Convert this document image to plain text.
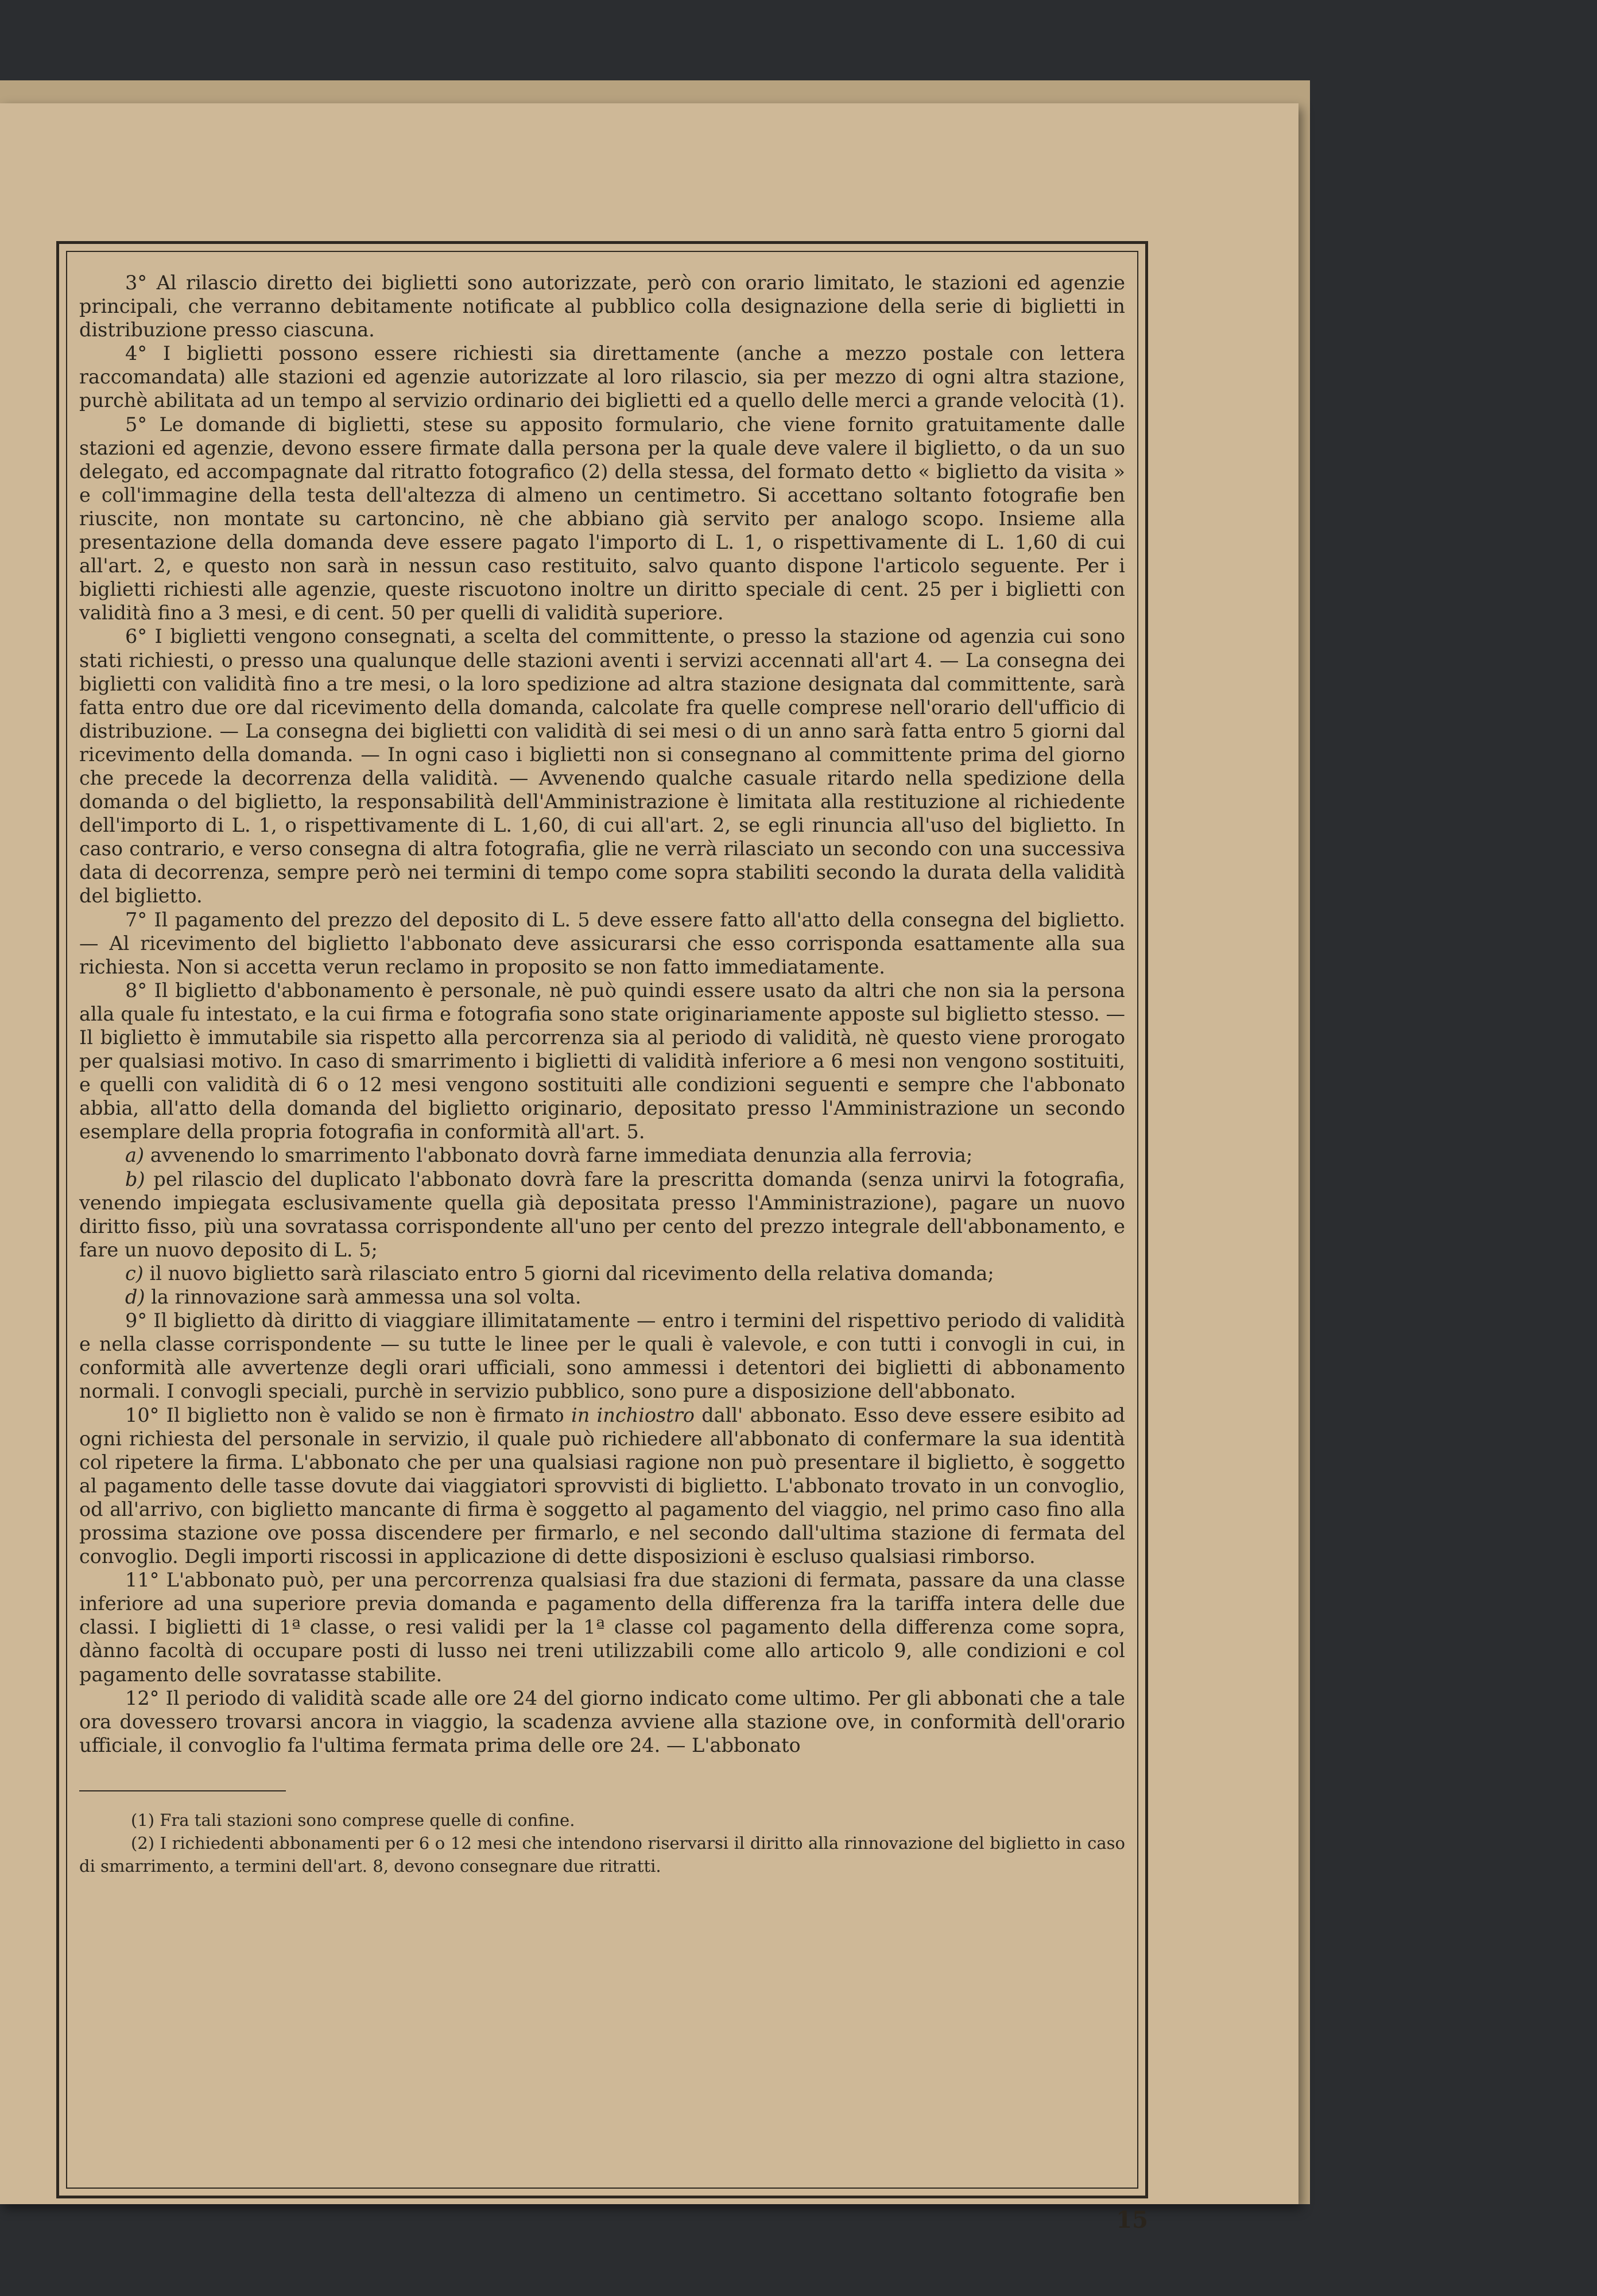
3° Al rilascio diretto dei biglietti sono autorizzate, però con orario limitato, le stazioni ed agenzie principali, che verranno debitamente notificate al pubblico colla designazione della serie di biglietti in distribuzione presso ciascuna.

4° I biglietti possono essere richiesti sia direttamente (anche a mezzo postale con lettera raccomandata) alle stazioni ed agenzie autorizzate al loro rilascio, sia per mezzo di ogni altra stazione, purchè abilitata ad un tempo al servizio ordinario dei biglietti ed a quello delle merci a grande velocità (1).

5° Le domande di biglietti, stese su apposito formulario, che viene fornito gratuitamente dalle stazioni ed agenzie, devono essere firmate dalla persona per la quale deve valere il biglietto, o da un suo delegato, ed accompagnate dal ritratto fotografico (2) della stessa, del formato detto « biglietto da visita » e coll'immagine della testa dell'altezza di almeno un centimetro. Si accettano soltanto fotografie ben riuscite, non montate su cartoncino, nè che abbiano già servito per analogo scopo. Insieme alla presentazione della domanda deve essere pagato l'importo di L. 1, o rispettivamente di L. 1,60 di cui all'art. 2, e questo non sarà in nessun caso restituito, salvo quanto dispone l'articolo seguente. Per i biglietti richiesti alle agenzie, queste riscuotono inoltre un diritto speciale di cent. 25 per i biglietti con validità fino a 3 mesi, e di cent. 50 per quelli di validità superiore.

6° I biglietti vengono consegnati, a scelta del committente, o presso la stazione od agenzia cui sono stati richiesti, o presso una qualunque delle stazioni aventi i servizi accennati all'art 4. — La consegna dei biglietti con validità fino a tre mesi, o la loro spedizione ad altra stazione designata dal committente, sarà fatta entro due ore dal ricevimento della domanda, calcolate fra quelle comprese nell'orario dell'ufficio di distribuzione. — La consegna dei biglietti con validità di sei mesi o di un anno sarà fatta entro 5 giorni dal ricevimento della domanda. — In ogni caso i biglietti non si consegnano al committente prima del giorno che precede la decorrenza della validità. — Avvenendo qualche casuale ritardo nella spedizione della domanda o del biglietto, la responsabilità dell'Amministrazione è limitata alla restituzione al richiedente dell'importo di L. 1, o rispettivamente di L. 1,60, di cui all'art. 2, se egli rinuncia all'uso del biglietto. In caso contrario, e verso consegna di altra fotografia, glie ne verrà rilasciato un secondo con una successiva data di decorrenza, sempre però nei termini di tempo come sopra stabiliti secondo la durata della validità del biglietto.

7° Il pagamento del prezzo del deposito di L. 5 deve essere fatto all'atto della consegna del biglietto. — Al ricevimento del biglietto l'abbonato deve assicurarsi che esso corrisponda esattamente alla sua richiesta. Non si accetta verun reclamo in proposito se non fatto immediatamente.

8° Il biglietto d'abbonamento è personale, nè può quindi essere usato da altri che non sia la persona alla quale fu intestato, e la cui firma e fotografia sono state originariamente apposte sul biglietto stesso. — Il biglietto è immutabile sia rispetto alla percorrenza sia al periodo di validità, nè questo viene prorogato per qualsiasi motivo. In caso di smarrimento i biglietti di validità inferiore a 6 mesi non vengono sostituiti, e quelli con validità di 6 o 12 mesi vengono sostituiti alle condizioni seguenti e sempre che l'abbonato abbia, all'atto della domanda del biglietto originario, depositato presso l'Amministrazione un secondo esemplare della propria fotografia in conformità all'art. 5.

a) avvenendo lo smarrimento l'abbonato dovrà farne immediata denunzia alla ferrovia;

b) pel rilascio del duplicato l'abbonato dovrà fare la prescritta domanda (senza unirvi la fotografia, venendo impiegata esclusivamente quella già depositata presso l'Amministrazione), pagare un nuovo diritto fisso, più una sovratassa corrispondente all'uno per cento del prezzo integrale dell'abbonamento, e fare un nuovo deposito di L. 5;

c) il nuovo biglietto sarà rilasciato entro 5 giorni dal ricevimento della relativa domanda;

d) la rinnovazione sarà ammessa una sol volta.

9° Il biglietto dà diritto di viaggiare illimitatamente — entro i termini del rispettivo periodo di validità e nella classe corrispondente — su tutte le linee per le quali è valevole, e con tutti i convogli in cui, in conformità alle avvertenze degli orari ufficiali, sono ammessi i detentori dei biglietti di abbonamento normali. I convogli speciali, purchè in servizio pubblico, sono pure a disposizione dell'abbonato.

10° Il biglietto non è valido se non è firmato in inchiostro dall' abbonato. Esso deve essere esibito ad ogni richiesta del personale in servizio, il quale può richiedere all'abbonato di confermare la sua identità col ripetere la firma. L'abbonato che per una qualsiasi ragione non può presentare il biglietto, è soggetto al pagamento delle tasse dovute dai viaggiatori sprovvisti di biglietto. L'abbonato trovato in un convoglio, od all'arrivo, con biglietto mancante di firma è soggetto al pagamento del viaggio, nel primo caso fino alla prossima stazione ove possa discendere per firmarlo, e nel secondo dall'ultima stazione di fermata del convoglio. Degli importi riscossi in applicazione di dette disposizioni è escluso qualsiasi rimborso.

11° L'abbonato può, per una percorrenza qualsiasi fra due stazioni di fermata, passare da una classe inferiore ad una superiore previa domanda e pagamento della differenza fra la tariffa intera delle due classi. I biglietti di 1ª classe, o resi validi per la 1ª classe col pagamento della differenza come sopra, dànno facoltà di occupare posti di lusso nei treni utilizzabili come allo articolo 9, alle condizioni e col pagamento delle sovratasse stabilite.

12° Il periodo di validità scade alle ore 24 del giorno indicato come ultimo. Per gli abbonati che a tale ora dovessero trovarsi ancora in viaggio, la scadenza avviene alla stazione ove, in conformità dell'orario ufficiale, il convoglio fa l'ultima fermata prima delle ore 24. — L'abbonato

(1) Fra tali stazioni sono comprese quelle di confine.

(2) I richiedenti abbonamenti per 6 o 12 mesi che intendono riservarsi il diritto alla rinnovazione del biglietto in caso di smarrimento, a termini dell'art. 8, devono consegnare due ritratti.

15
